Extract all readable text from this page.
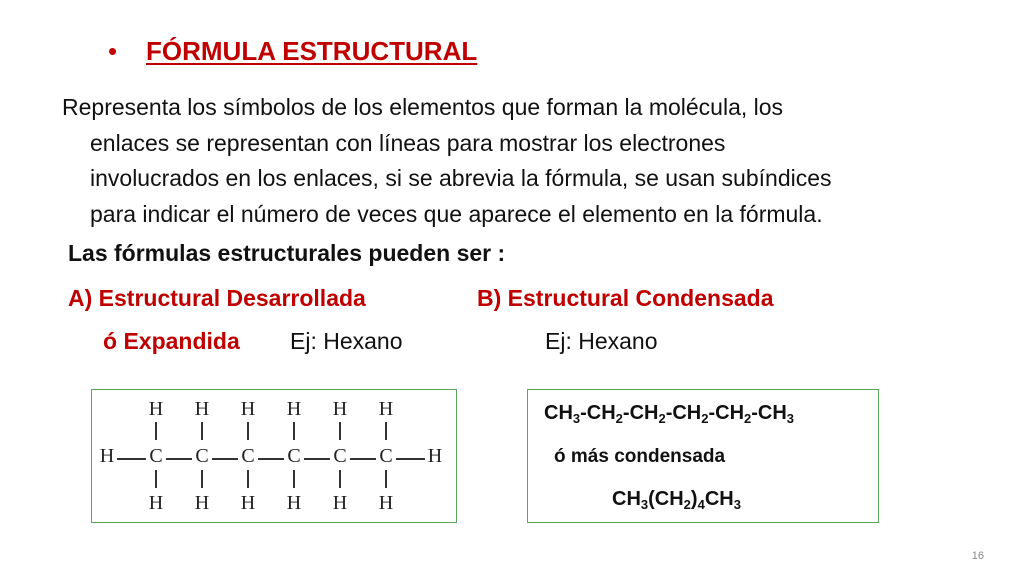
• FÓRMULA ESTRUCTURAL
Representa los símbolos de los elementos que forman la molécula, los
enlaces se representan con líneas para mostrar los electrones
involucrados en los enlaces, si se abrevia la fórmula, se usan subíndices
para indicar el número de veces que aparece el elemento en la fórmula.
Las fórmulas estructurales pueden ser :
A) Estructural Desarrollada	B) Estructural Condensada
ó Expandida Ej: Hexano	Ej: Hexano
H H H H H H
C C C C C C
H H H H H H
H	H
$CH_3-CH_2-CH_2-CH_2-CH_2-CH_3$
ó más condensada
$CH_3(CH_2)_4CH_3$
16
